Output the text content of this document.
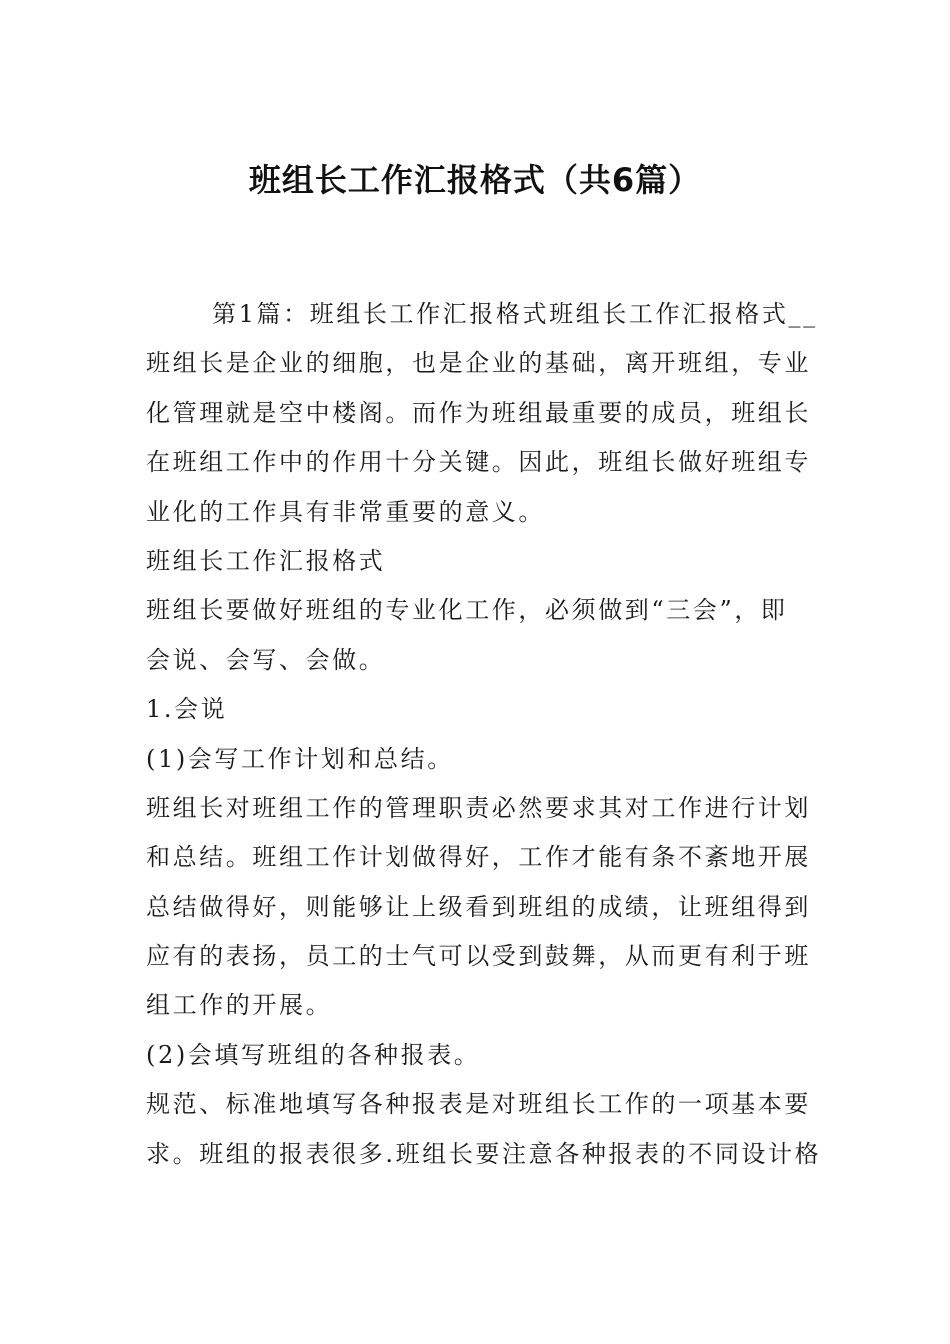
班组长工作汇报格式（共6篇）
第1篇：班组长工作汇报格式班组长工作汇报格式__
班组长是企业的细胞，也是企业的基础，离开班组，专业
化管理就是空中楼阁。而作为班组最重要的成员，班组长
在班组工作中的作用十分关键。因此，班组长做好班组专
业化的工作具有非常重要的意义。
班组长工作汇报格式
班组长要做好班组的专业化工作，必须做到“三会”，即
会说、会写、会做。
1.会说
(1)会写工作计划和总结。
班组长对班组工作的管理职责必然要求其对工作进行计划
和总结。班组工作计划做得好，工作才能有条不紊地开展
总结做得好，则能够让上级看到班组的成绩，让班组得到
应有的表扬，员工的士气可以受到鼓舞，从而更有利于班
组工作的开展。
(2)会填写班组的各种报表。
规范、标准地填写各种报表是对班组长工作的一项基本要
求。班组的报表很多.班组长要注意各种报表的不同设计格
